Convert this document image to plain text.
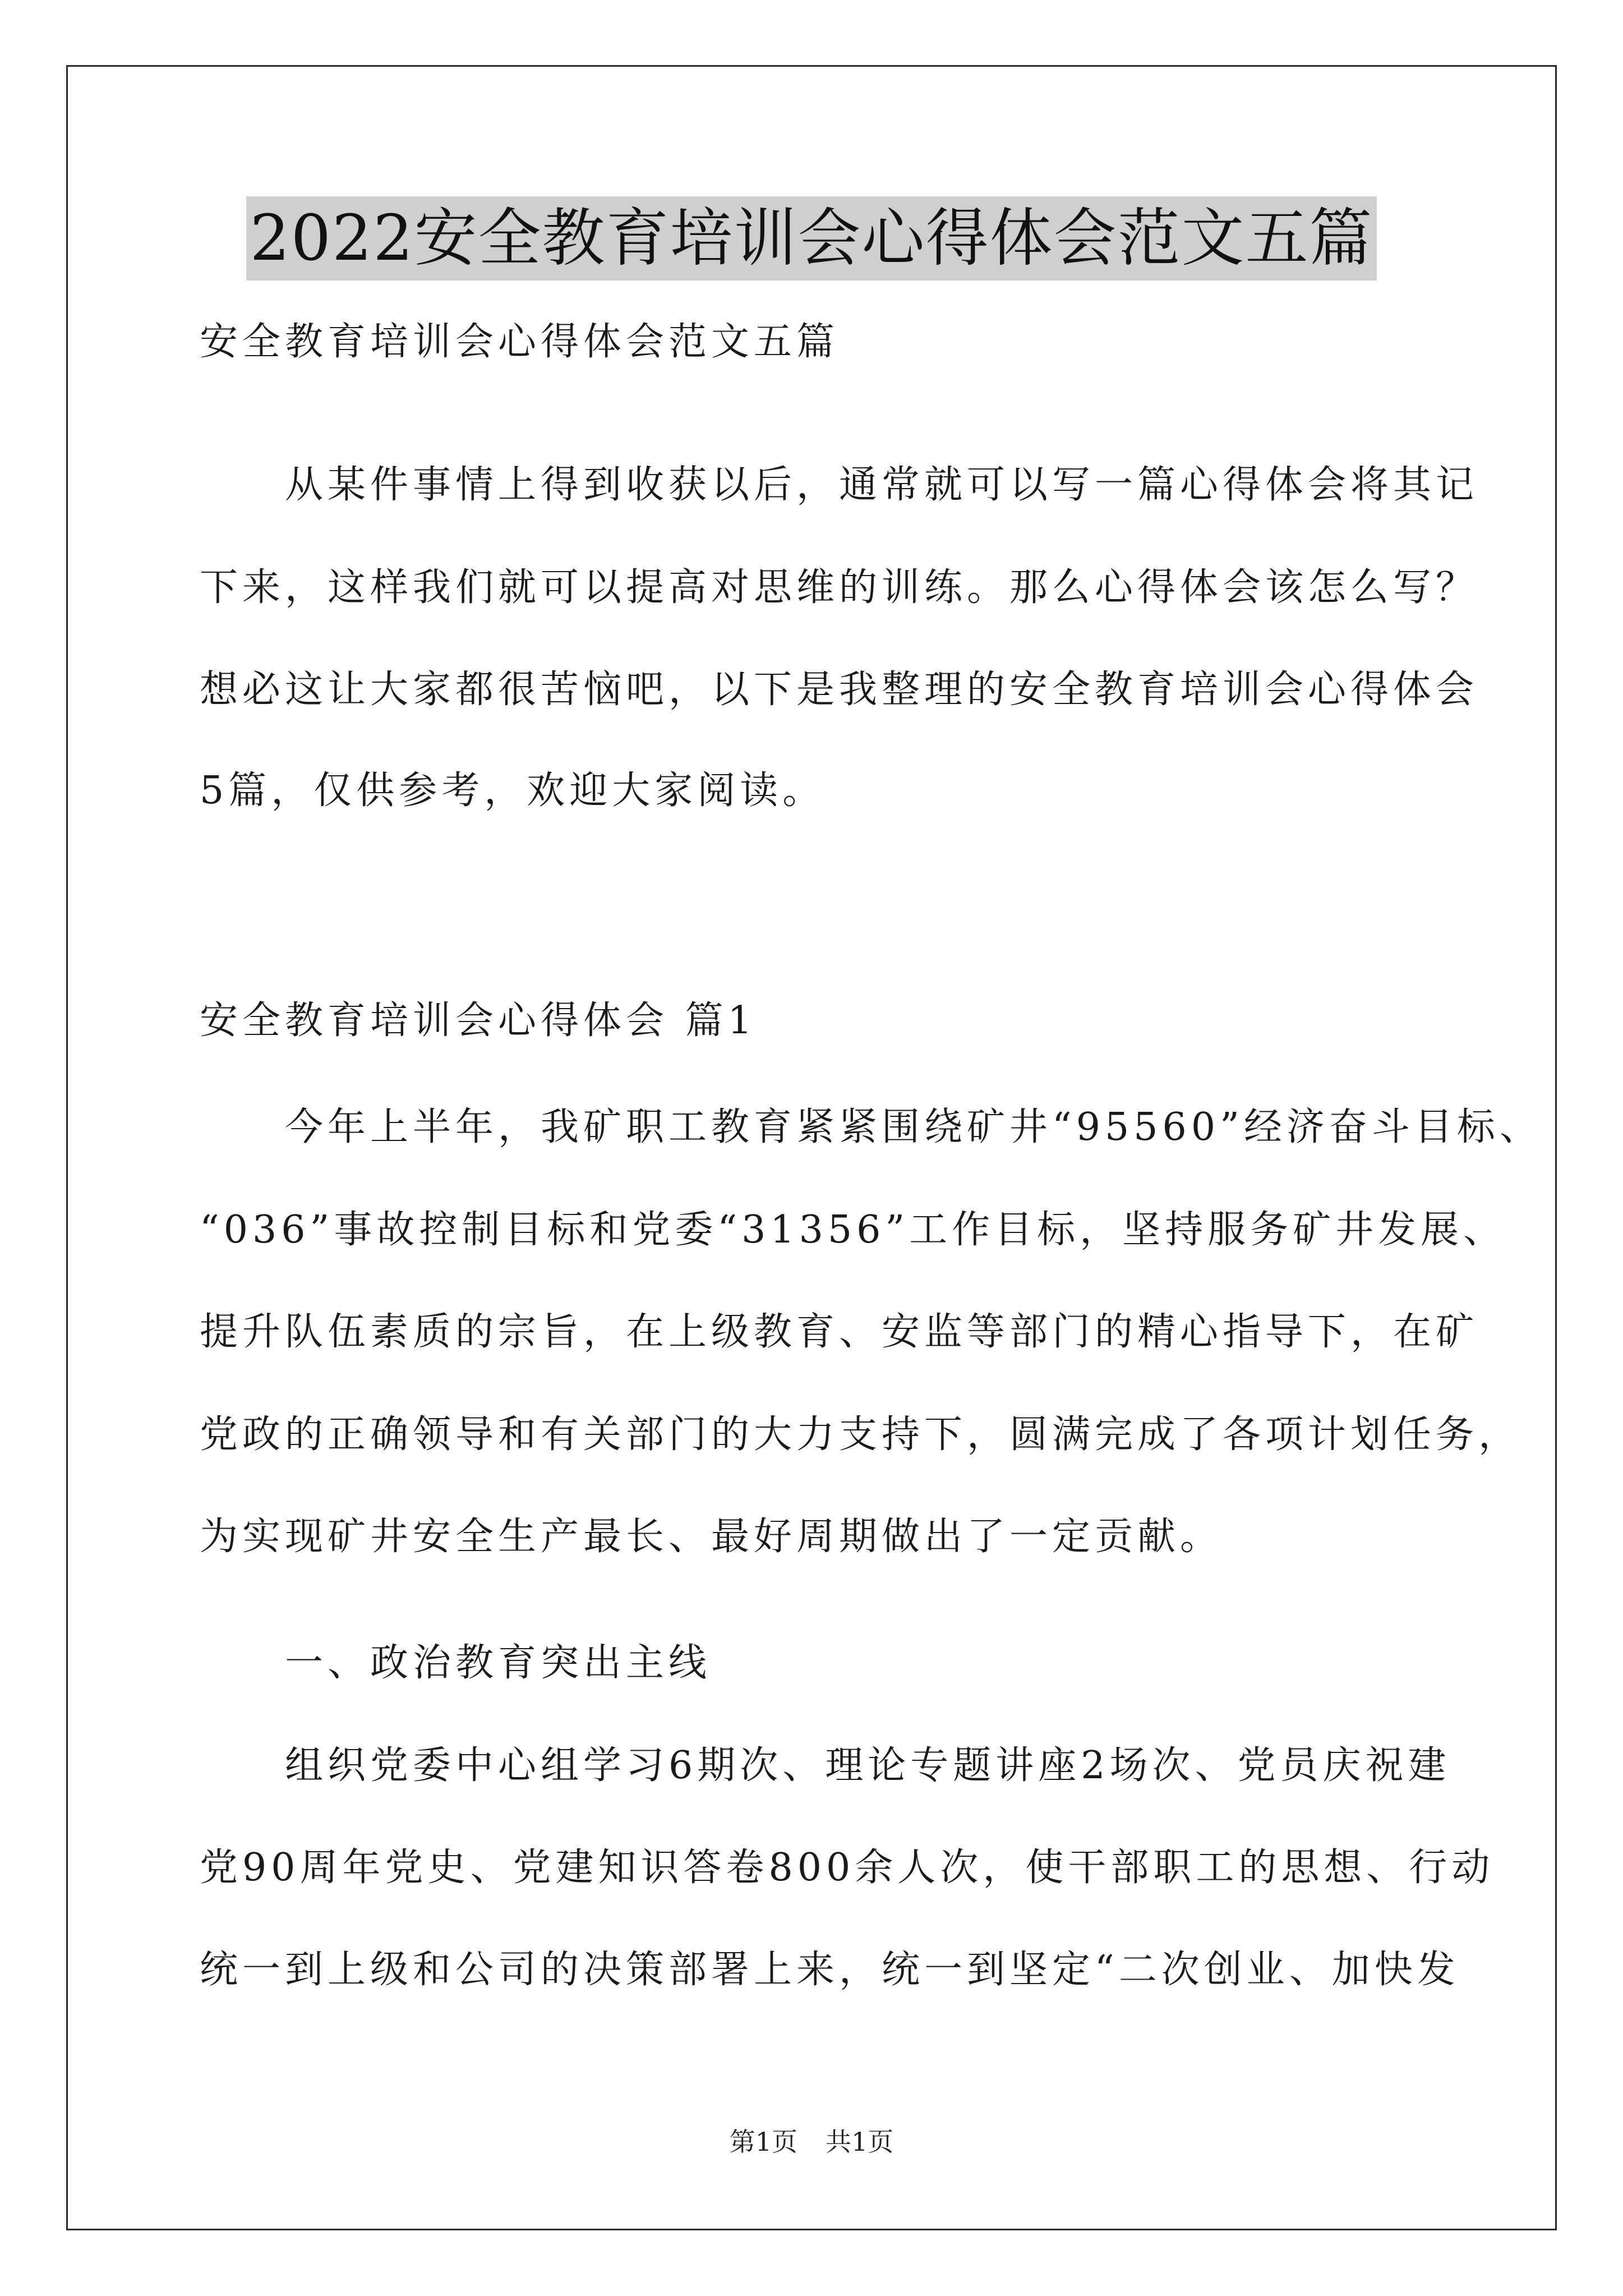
2022安全教育培训会心得体会范文五篇
安全教育培训会心得体会范文五篇
　　从某件事情上得到收获以后，通常就可以写一篇心得体会将其记
下来，这样我们就可以提高对思维的训练。那么心得体会该怎么写？
想必这让大家都很苦恼吧，以下是我整理的安全教育培训会心得体会
5篇，仅供参考，欢迎大家阅读。
安全教育培训会心得体会 篇1
　　今年上半年，我矿职工教育紧紧围绕矿井“95560”经济奋斗目标、
“036”事故控制目标和党委“31356”工作目标，坚持服务矿井发展、
提升队伍素质的宗旨，在上级教育、安监等部门的精心指导下，在矿
党政的正确领导和有关部门的大力支持下，圆满完成了各项计划任务，
为实现矿井安全生产最长、最好周期做出了一定贡献。
　　一、政治教育突出主线
　　组织党委中心组学习6期次、理论专题讲座2场次、党员庆祝建
党90周年党史、党建知识答卷800余人次，使干部职工的思想、行动
统一到上级和公司的决策部署上来，统一到坚定“二次创业、加快发
第1页 共1页
